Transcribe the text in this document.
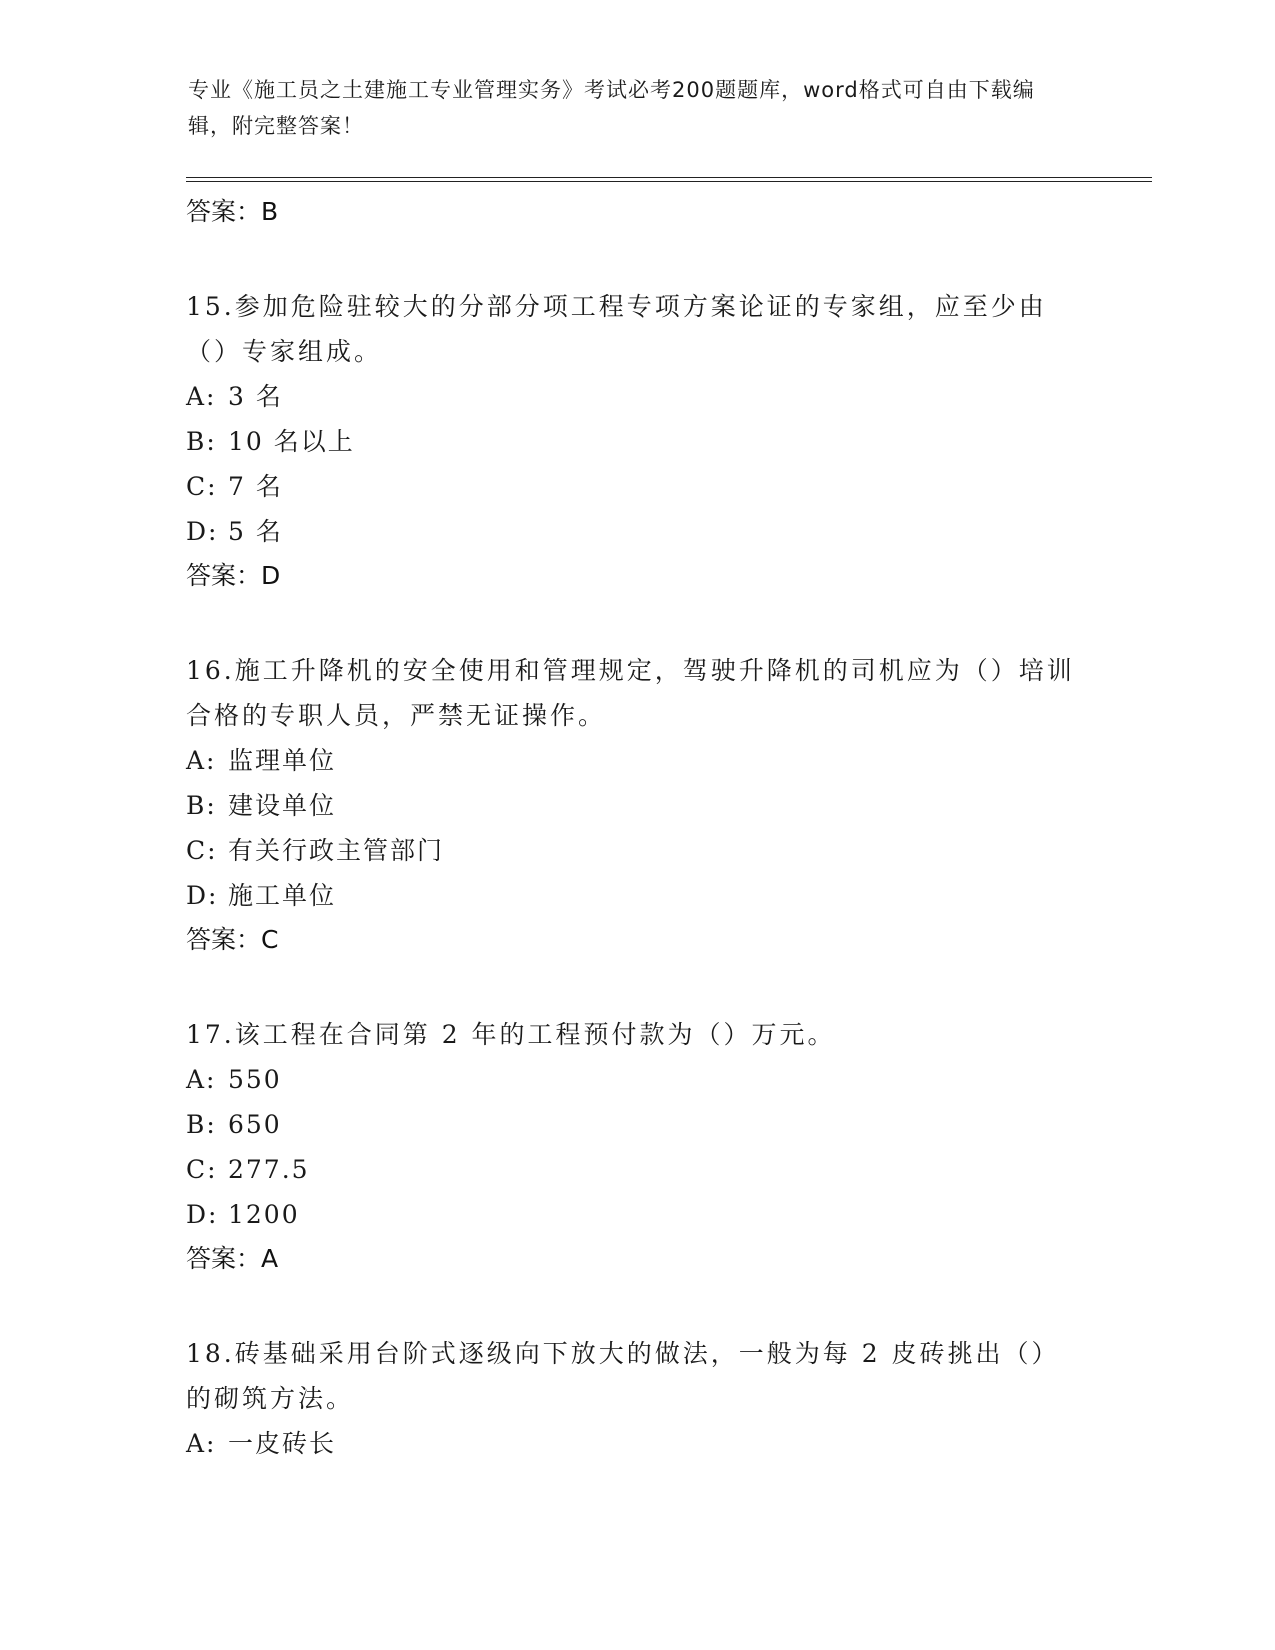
专业《施工员之土建施工专业管理实务》考试必考200题题库，word格式可自由下载编辑，附完整答案！
答案：B
15.参加危险驻较大的分部分项工程专项方案论证的专家组，应至少由（）专家组成。
A: 3 名
B: 10 名以上
C: 7 名
D: 5 名
答案：D
16.施工升降机的安全使用和管理规定，驾驶升降机的司机应为（）培训合格的专职人员，严禁无证操作。
A: 监理单位
B: 建设单位
C: 有关行政主管部门
D: 施工单位
答案：C
17.该工程在合同第 2 年的工程预付款为（）万元。
A: 550
B: 650
C: 277.5
D: 1200
答案：A
18.砖基础采用台阶式逐级向下放大的做法，一般为每 2 皮砖挑出（）的砌筑方法。
A: 一皮砖长
